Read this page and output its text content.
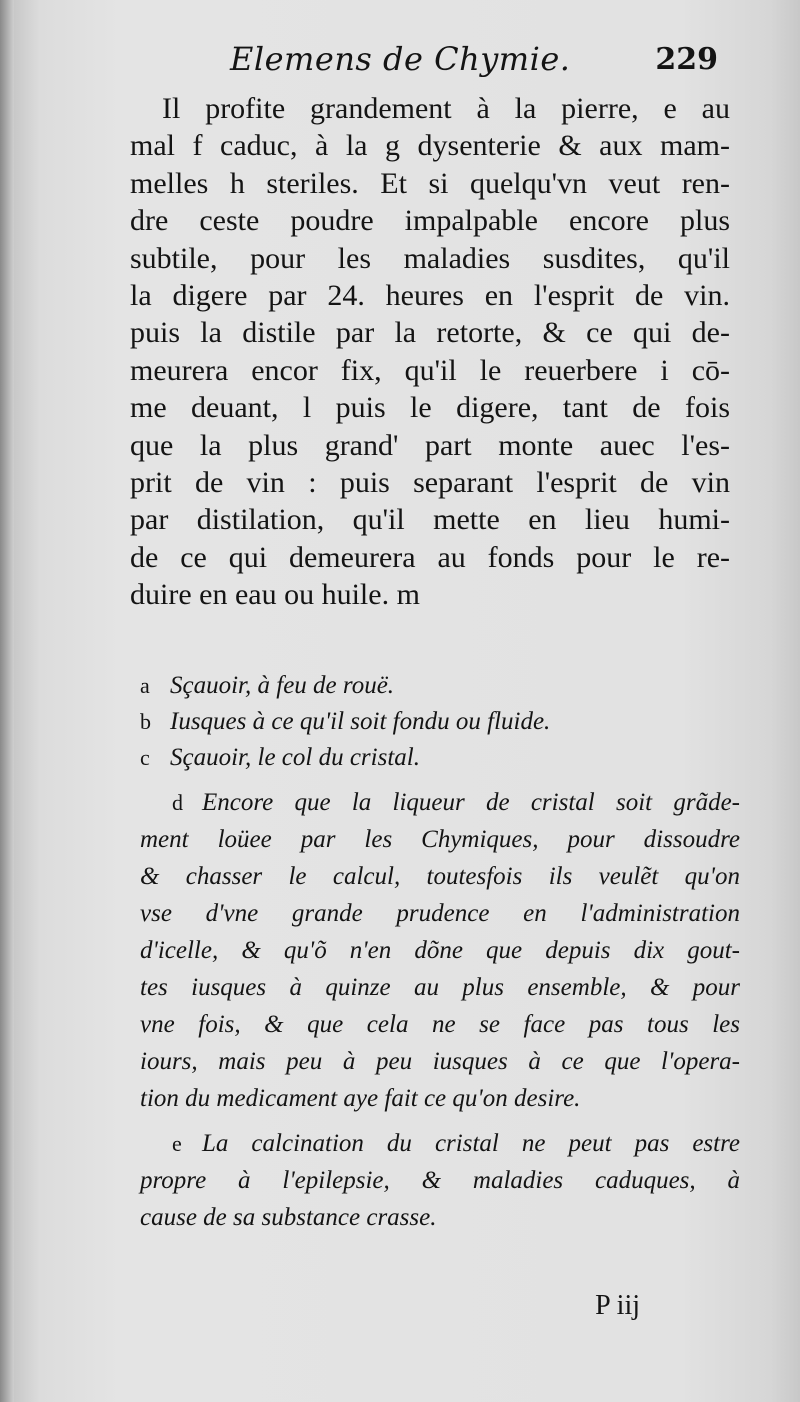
Elemens de Chymie.	229
Il profite grandement à la pierre, e au
mal f caduc, à la g dysenterie & aux mam-
melles h steriles. Et si quelqu'vn veut ren-
dre ceste poudre impalpable encore plus
subtile, pour les maladies susdites, qu'il
la digere par 24. heures en l'esprit de vin.
puis la distile par la retorte, & ce qui de-
meurera encor fix, qu'il le reuerbere i cō-
me deuant, l puis le digere, tant de fois
que la plus grand' part monte auec l'es-
prit de vin : puis separant l'esprit de vin
par distilation, qu'il mette en lieu humi-
de ce qui demeurera au fonds pour le re-
duire en eau ou huile. m
a Sçauoir, à feu de rouë.
b Iusques à ce qu'il soit fondu ou fluide.
c Sçauoir, le col du cristal.
d Encore que la liqueur de cristal soit grãde-
ment loüee par les Chymiques, pour dissoudre
& chasser le calcul, toutesfois ils veulẽt qu'on
vse d'vne grande prudence en l'administration
d'icelle, & qu'õ n'en dõne que depuis dix gout-
tes iusques à quinze au plus ensemble, & pour
vne fois, & que cela ne se face pas tous les
iours, mais peu à peu iusques à ce que l'opera-
tion du medicament aye fait ce qu'on desire.
e La calcination du cristal ne peut pas estre
propre à l'epilepsie, & maladies caduques, à
cause de sa substance crasse.
P iij
